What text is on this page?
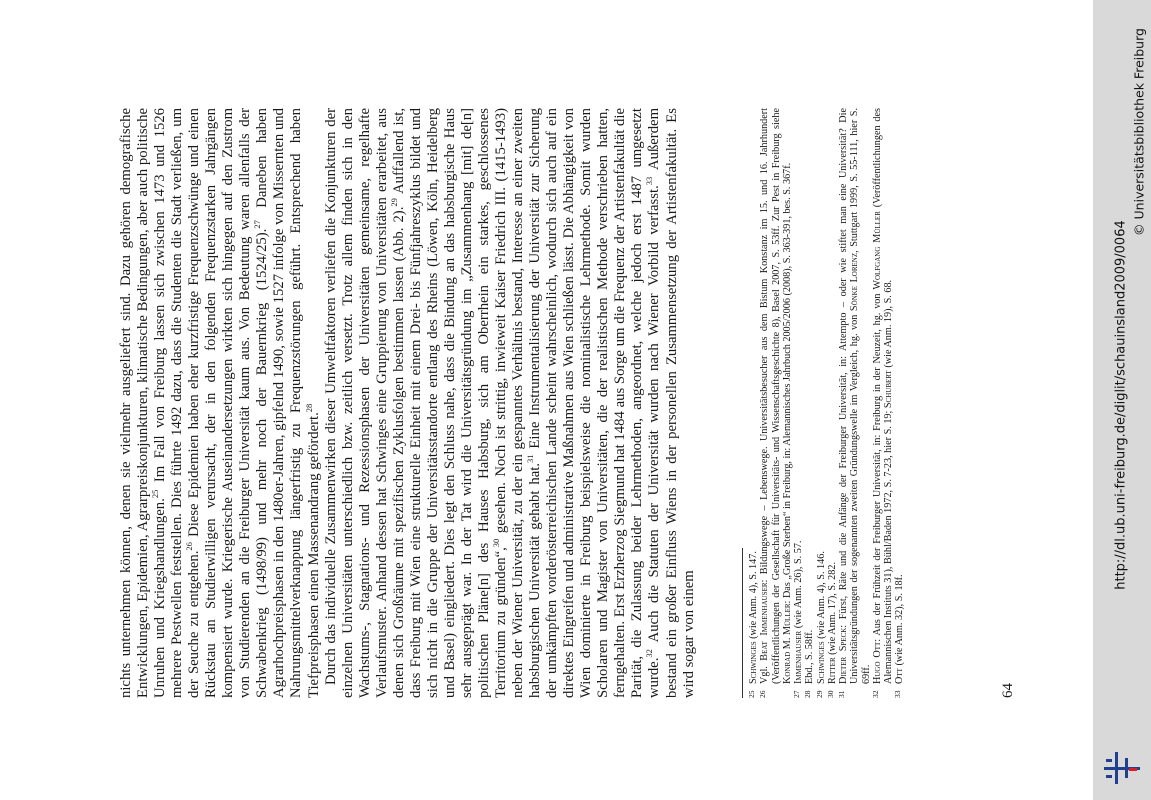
nichts unternehmen können, denen sie vielmehr ausgeliefert sind. Dazu gehören demografische Entwicklungen, Epidemien, Agrarpreiskonjunkturen, klimatische Bedingungen, aber auch politische Unruhen und Kriegshandlungen.$^{25}$ Im Fall von Freiburg lassen sich zwischen 1473 und 1526 mehrere Pestwellen feststellen. Dies führte 1492 dazu, dass die Studenten die Stadt verließen, um der Seuche zu entgehen.$^{26}$ Diese Epidemien haben eher kurzfristige Frequenzschwünge und einen Rückstau an Studierwilligen verursacht, der in den folgenden Frequenzstarken Jahrgängen kompensiert wurde. Kriegerische Auseinandersetzungen wirkten sich hingegen auf den Zustrom von Studierenden an die Freiburger Universität kaum aus. Von Bedeutung waren allenfalls der Schwabenkrieg (1498/99) und mehr noch der Bauernkrieg (1524/25).$^{27}$ Daneben haben Agrarhochpreisphasen in den 1480er-Jahren, gipfelnd 1490, sowie 1527 infolge von Missernten und Nahrungsmittelverknappung längerfristig zu Frequenzstörungen geführt. Entsprechend haben Tiefpreisphasen einen Massenandrang gefördert.$^{28}$ Durch das individuelle Zusammenwirken dieser Umweltfaktoren verliefen die Konjunkturen der einzelnen Universitäten unterschiedlich bzw. zeitlich versetzt. Trotz allem finden sich in den Wachstums-, Stagnations- und Rezessionsphasen der Universitäten gemeinsame, regelhafte Verlaufsmuster. Anhand dessen hat Schwinges eine Gruppierung von Universitäten erarbeitet, aus denen sich Großräume mit spezifischen Zyklusfolgen bestimmen lassen (Abb. 2).$^{29}$ Auffallend ist, dass Freiburg mit Wien eine strukturelle Einheit mit einem Drei- bis Fünfjahreszyklus bildet und sich nicht in die Gruppe der Universitätsstandorte entlang des Rheins (Löwen, Köln, Heidelberg und Basel) eingliedert. Dies legt den Schluss nahe, dass die Bindung an das habsburgische Haus sehr ausgeprägt war. In der Tat wird die Universitätsgründung im „Zusammenhang [mit] de[n] politischen Pläne[n] des Hauses Habsburg, sich am Oberrhein ein starkes, geschlossenes Territorium zu gründen“,$^{30}$ gesehen. Noch ist strittig, inwieweit Kaiser Friedrich III. (1415-1493) neben der Wiener Universität, zu der ein gespanntes Verhältnis bestand, Interesse an einer zweiten habsburgischen Universität gehabt hat.$^{31}$ Eine Instrumentalisierung der Universität zur Sicherung der umkämpften vorderösterreichischen Lande scheint wahrscheinlich, wodurch sich auch auf ein direktes Eingreifen und administrative Maßnahmen aus Wien schließen lässt. Die Abhängigkeit von Wien dominierte in Freiburg beispielsweise die nominalistische Lehrmethode. Somit wurden Scholaren und Magister von Universitäten, die der realistischen Methode verschrieben hatten, ferngehalten. Erst Erzherzog Siegmund hat 1484 aus Sorge um die Frequenz der Artistenfakultät die Parität, die Zulassung beider Lehrmethoden, angeordnet, welche jedoch erst 1487 umgesetzt wurde.$^{32}$ Auch die Statuten der Universität wurden nach Wiener Vorbild verfasst.$^{33}$ Außerdem bestand ein großer Einfluss Wiens in der personellen Zusammensetzung der Artistenfakultät. Es wird sogar von einem	25
Schwinges (wie Anm. 4), S. 147.
26
Vgl. Beat Immenhauser: Bildungswege – Lebenswege. Universitätsbesucher aus dem Bistum Konstanz im 15. und 16. Jahrhundert (Veröffentlichungen der Gesellschaft für Universitäts- und Wissenschaftsgeschichte 8), Basel 2007, S. 53ff. Zur Pest in Freiburg siehe Konrad M. Müller: Das „Große Sterben“ in Freiburg, in: Alemannisches Jahrbuch 2005/2006 (2008), S. 363-391, bes. S. 367f.
27
Immenhauser (wie Anm. 26), S. 57.
28
Ebd., S. 58ff.
29
Schwinges (wie Anm. 4), S. 146.
30
Ritter (wie Anm. 17), S. 282.
31
Dieter Speck: Fürst, Räte und die Anfänge der Freiburger Universität, in: Attempto – oder wie stiftet man eine Universität? Die Universitätsgründungen der sogenannten zweiten Gründungswelle im Vergleich, hg. von Sönke Lorenz, Stuttgart 1999, S. 55-111, hier S. 69ff.
32
Hugo Ott: Aus der Frühzeit der Freiburger Universität, in: Freiburg in der Neuzeit, hg. von Wolfgang Müller (Veröffentlichungen des Alemannischen Instituts 31), Bühl/Baden 1972, S. 7-23, hier S. 19; Schubert (wie Anm. 19), S. 68.
33
Ott (wie Anm. 32), S. 18f.
64
http://dl.ub.uni-freiburg.de/diglit/schauinsland2009/0064
© Universitätsbibliothek Freiburg
